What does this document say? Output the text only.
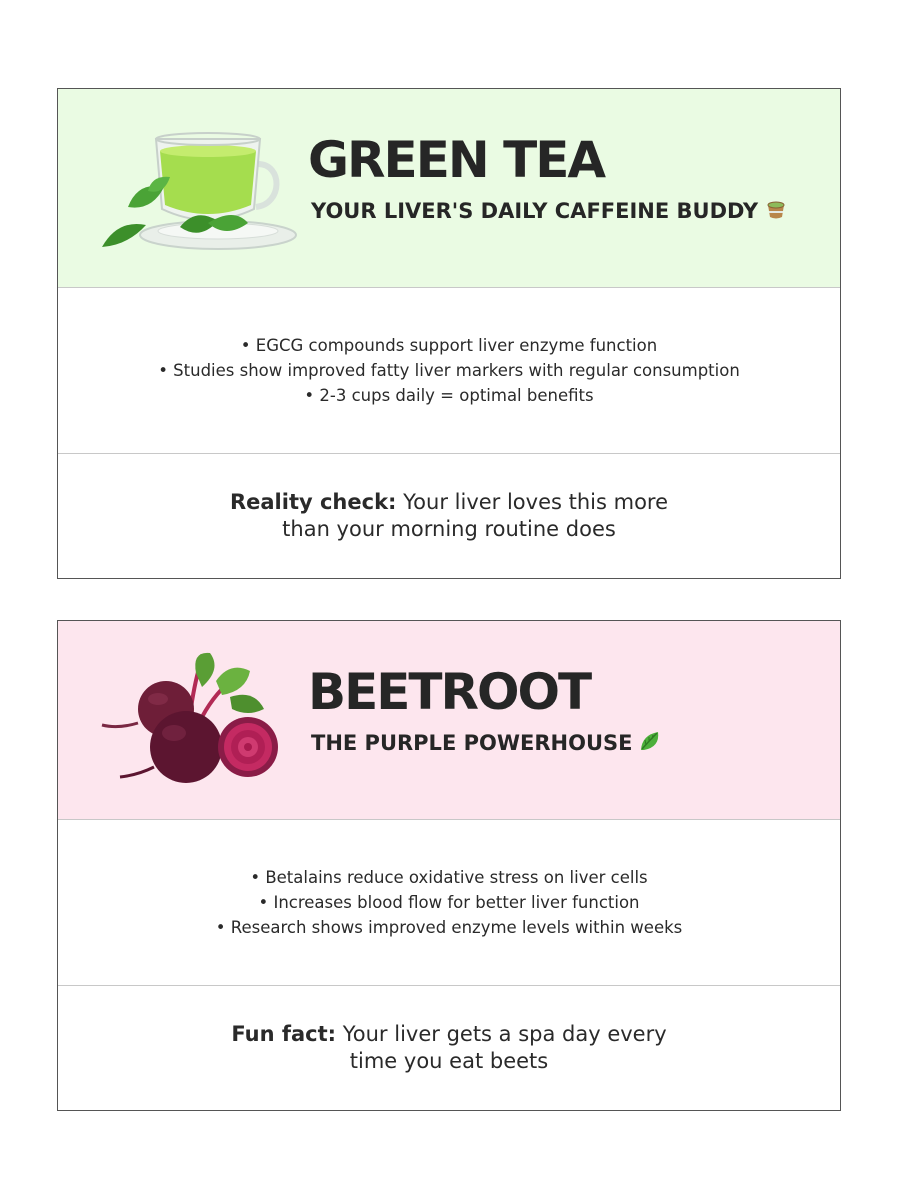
GREEN TEA
YOUR LIVER'S DAILY CAFFEINE BUDDY
• EGCG compounds support liver enzyme function
• Studies show improved fatty liver markers with regular consumption
• 2-3 cups daily = optimal benefits
Reality check: Your liver loves this more than your morning routine does
BEETROOT
THE PURPLE POWERHOUSE
• Betalains reduce oxidative stress on liver cells
• Increases blood flow for better liver function
• Research shows improved enzyme levels within weeks
Fun fact: Your liver gets a spa day every time you eat beets
